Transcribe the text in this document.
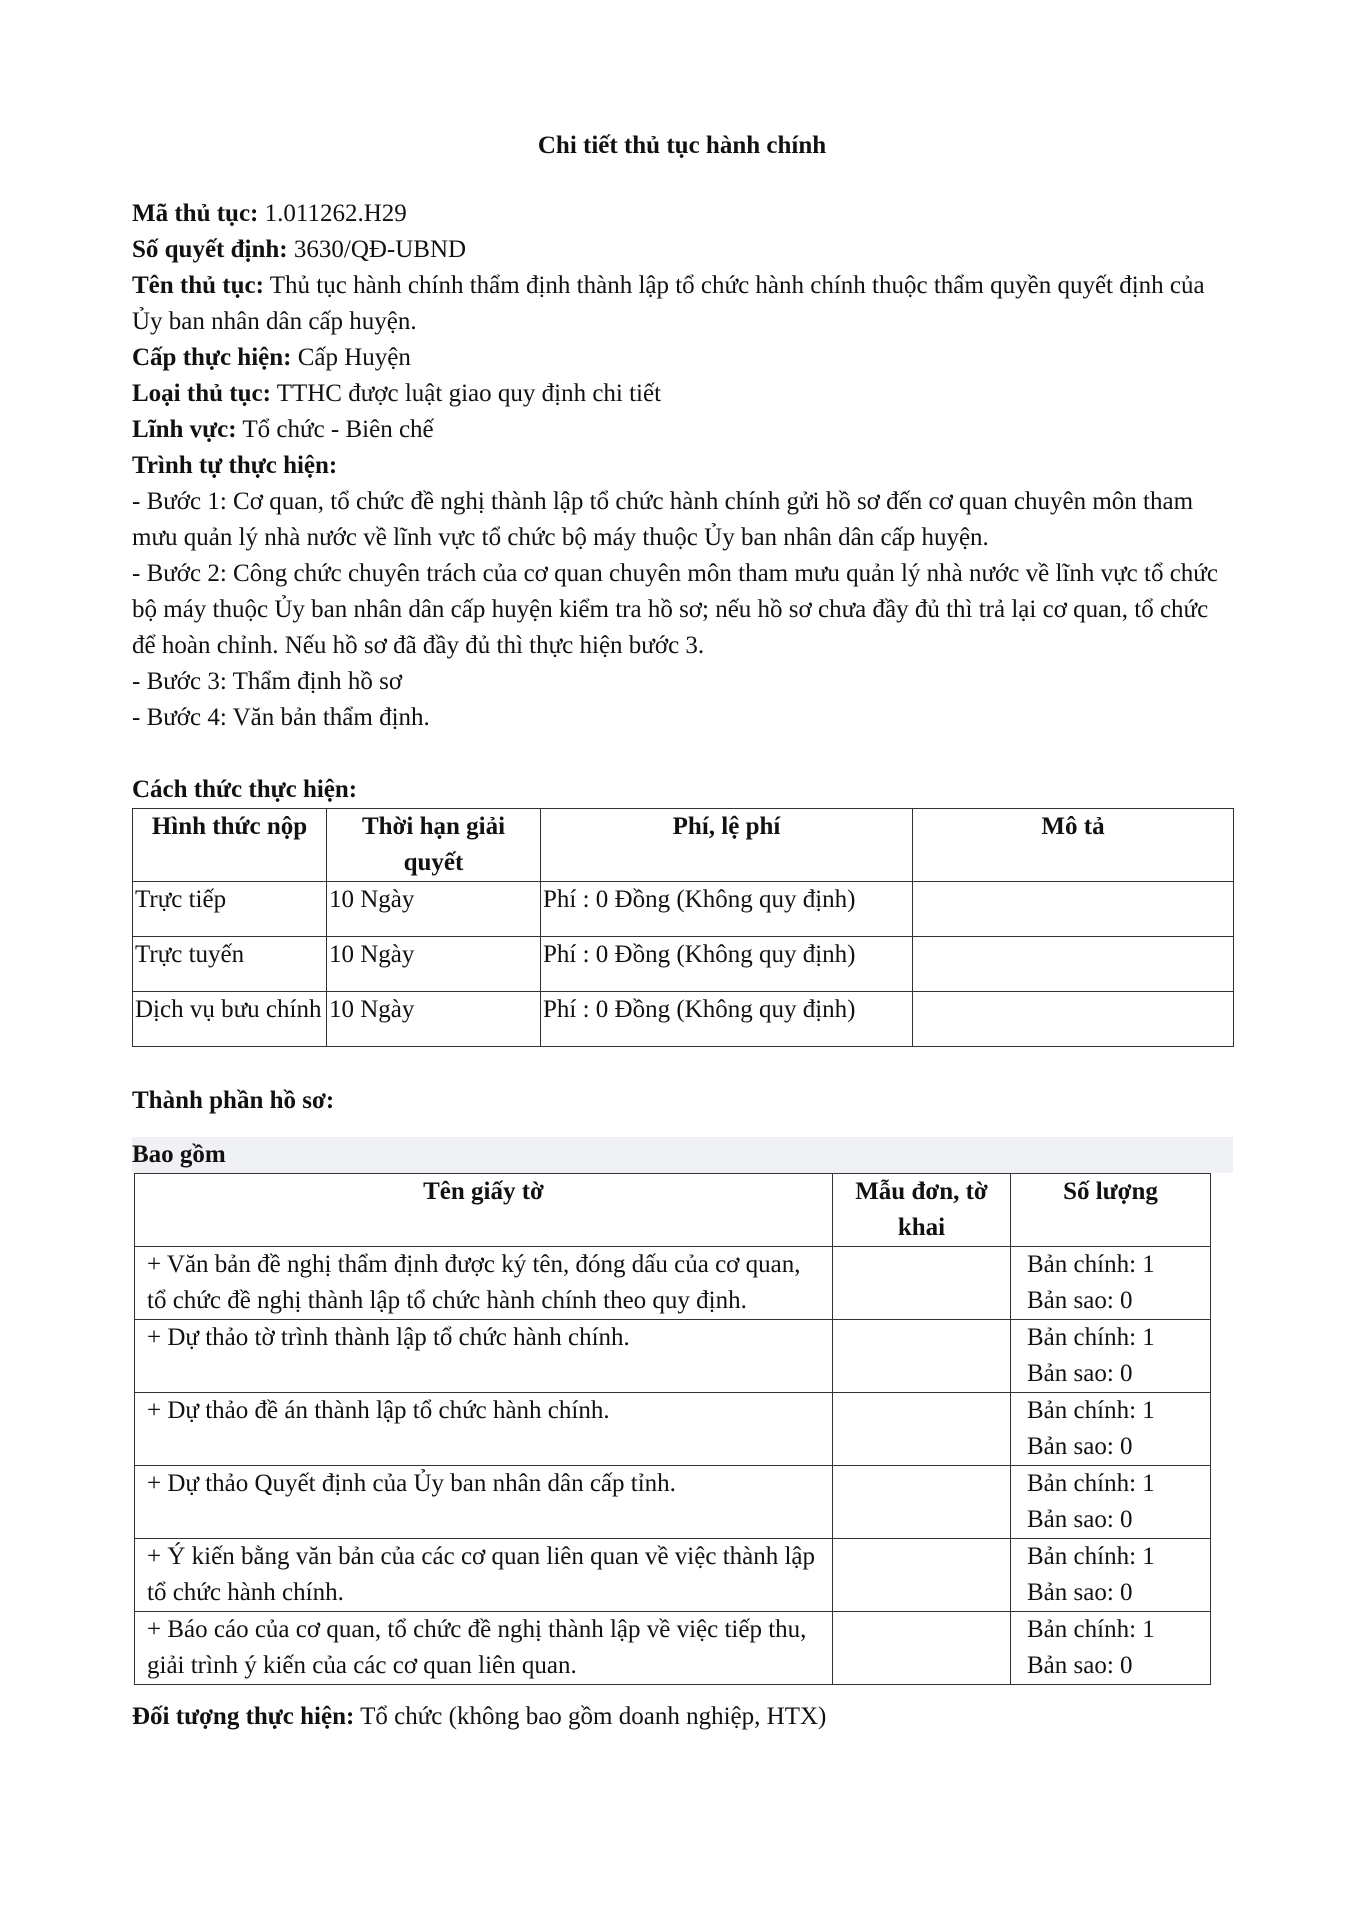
Chi tiết thủ tục hành chính

Mã thủ tục: 1.011262.H29

Số quyết định: 3630/QĐ-UBND

Tên thủ tục: Thủ tục hành chính thẩm định thành lập tổ chức hành chính thuộc thẩm quyền quyết định của Ủy ban nhân dân cấp huyện.

Cấp thực hiện: Cấp Huyện

Loại thủ tục: TTHC được luật giao quy định chi tiết

Lĩnh vực: Tổ chức - Biên chế

Trình tự thực hiện:

- Bước 1: Cơ quan, tổ chức đề nghị thành lập tổ chức hành chính gửi hồ sơ đến cơ quan chuyên môn tham mưu quản lý nhà nước về lĩnh vực tổ chức bộ máy thuộc Ủy ban nhân dân cấp huyện.

- Bước 2: Công chức chuyên trách của cơ quan chuyên môn tham mưu quản lý nhà nước về lĩnh vực tổ chức bộ máy thuộc Ủy ban nhân dân cấp huyện kiểm tra hồ sơ; nếu hồ sơ chưa đầy đủ thì trả lại cơ quan, tổ chức để hoàn chỉnh. Nếu hồ sơ đã đầy đủ thì thực hiện bước 3.

- Bước 3: Thẩm định hồ sơ

- Bước 4: Văn bản thẩm định.

Cách thức thực hiện:

Hình thức nộp	Thời hạn giải quyết	Phí, lệ phí	Mô tả
Trực tiếp	10 Ngày	Phí : 0 Đồng (Không quy định)	
Trực tuyến	10 Ngày	Phí : 0 Đồng (Không quy định)	
Dịch vụ bưu chính	10 Ngày	Phí : 0 Đồng (Không quy định)	

Thành phần hồ sơ:

Bao gồm
Tên giấy tờ	Mẫu đơn, tờ khai	Số lượng
+ Văn bản đề nghị thẩm định được ký tên, đóng dấu của cơ quan, tổ chức đề nghị thành lập tổ chức hành chính theo quy định.		Bản chính: 1
Bản sao: 0

+ Dự thảo tờ trình thành lập tổ chức hành chính.		Bản chính: 1
Bản sao: 0

+ Dự thảo đề án thành lập tổ chức hành chính.		Bản chính: 1
Bản sao: 0

+ Dự thảo Quyết định của Ủy ban nhân dân cấp tỉnh.		Bản chính: 1
Bản sao: 0

+ Ý kiến bằng văn bản của các cơ quan liên quan về việc thành lập tổ chức hành chính.		Bản chính: 1
Bản sao: 0

+ Báo cáo của cơ quan, tổ chức đề nghị thành lập về việc tiếp thu, giải trình ý kiến của các cơ quan liên quan.		Bản chính: 1
Bản sao: 0

Đối tượng thực hiện: Tổ chức (không bao gồm doanh nghiệp, HTX)
